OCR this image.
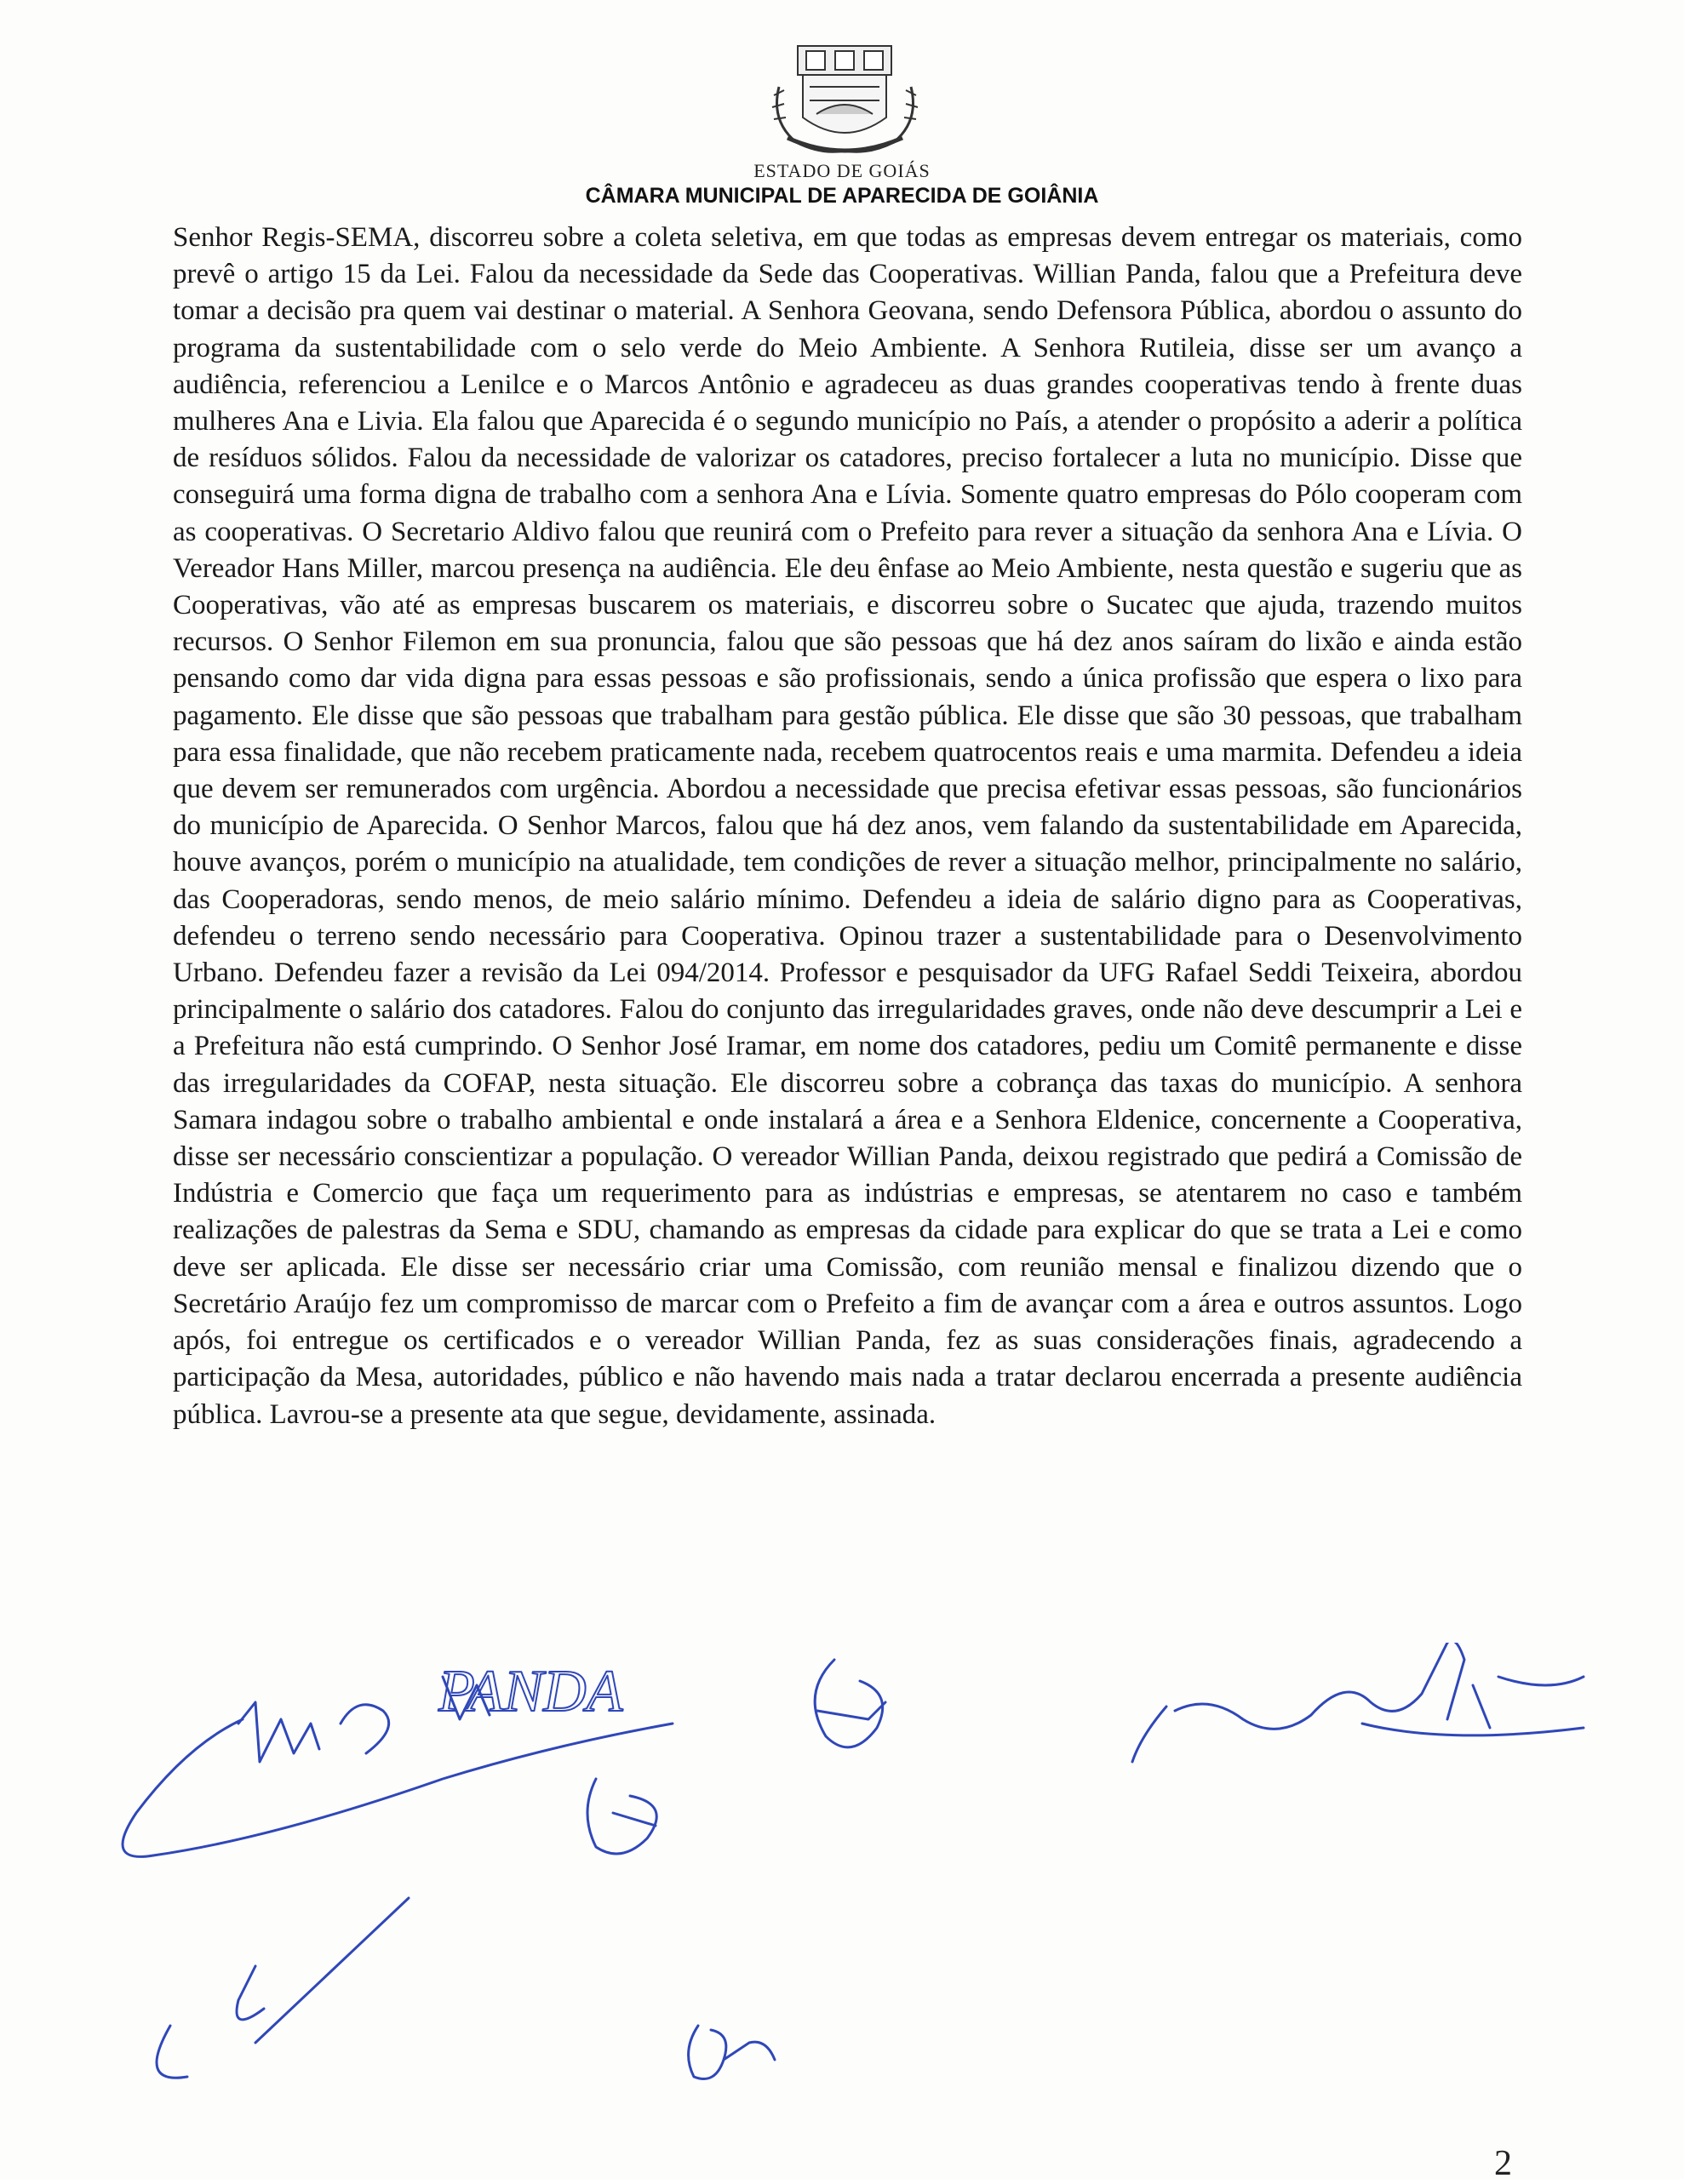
ESTADO DE GOIÁS
CÂMARA MUNICIPAL DE APARECIDA DE GOIÂNIA

Senhor Regis-SEMA, discorreu sobre a coleta seletiva, em que todas as empresas devem entregar os materiais, como prevê o artigo 15 da Lei. Falou da necessidade da Sede das Cooperativas. Willian Panda, falou que a Prefeitura deve tomar a decisão pra quem vai destinar o material. A Senhora Geovana, sendo Defensora Pública, abordou o assunto do programa da sustentabilidade com o selo verde do Meio Ambiente. A Senhora Rutileia, disse ser um avanço a audiência, referenciou a Lenilce e o Marcos Antônio e agradeceu as duas grandes cooperativas tendo à frente duas mulheres Ana e Livia. Ela falou que Aparecida é o segundo município no País, a atender o propósito a aderir a política de resíduos sólidos. Falou da necessidade de valorizar os catadores, preciso fortalecer a luta no município. Disse que conseguirá uma forma digna de trabalho com a senhora Ana e Lívia. Somente quatro empresas do Pólo cooperam com as cooperativas. O Secretario Aldivo falou que reunirá com o Prefeito para rever a situação da senhora Ana e Lívia. O Vereador Hans Miller, marcou presença na audiência. Ele deu ênfase ao Meio Ambiente, nesta questão e sugeriu que as Cooperativas, vão até as empresas buscarem os materiais, e discorreu sobre o Sucatec que ajuda, trazendo muitos recursos. O Senhor Filemon em sua pronuncia, falou que são pessoas que há dez anos saíram do lixão e ainda estão pensando como dar vida digna para essas pessoas e são profissionais, sendo a única profissão que espera o lixo para pagamento. Ele disse que são pessoas que trabalham para gestão pública. Ele disse que são 30 pessoas, que trabalham para essa finalidade, que não recebem praticamente nada, recebem quatrocentos reais e uma marmita. Defendeu a ideia que devem ser remunerados com urgência. Abordou a necessidade que precisa efetivar essas pessoas, são funcionários do município de Aparecida. O Senhor Marcos, falou que há dez anos, vem falando da sustentabilidade em Aparecida, houve avanços, porém o município na atualidade, tem condições de rever a situação melhor, principalmente no salário, das Cooperadoras, sendo menos, de meio salário mínimo. Defendeu a ideia de salário digno para as Cooperativas, defendeu o terreno sendo necessário para Cooperativa. Opinou trazer a sustentabilidade para o Desenvolvimento Urbano. Defendeu fazer a revisão da Lei 094/2014. Professor e pesquisador da UFG Rafael Seddi Teixeira, abordou principalmente o salário dos catadores. Falou do conjunto das irregularidades graves, onde não deve descumprir a Lei e a Prefeitura não está cumprindo. O Senhor José Iramar, em nome dos catadores, pediu um Comitê permanente e disse das irregularidades da COFAP, nesta situação. Ele discorreu sobre a cobrança das taxas do município. A senhora Samara indagou sobre o trabalho ambiental e onde instalará a área e a Senhora Eldenice, concernente a Cooperativa, disse ser necessário conscientizar a população. O vereador Willian Panda, deixou registrado que pedirá a Comissão de Indústria e Comercio que faça um requerimento para as indústrias e empresas, se atentarem no caso e também realizações de palestras da Sema e SDU, chamando as empresas da cidade para explicar do que se trata a Lei e como deve ser aplicada. Ele disse ser necessário criar uma Comissão, com reunião mensal e finalizou dizendo que o Secretário Araújo fez um compromisso de marcar com o Prefeito a fim de avançar com a área e outros assuntos. Logo após, foi entregue os certificados e o vereador Willian Panda, fez as suas considerações finais, agradecendo a participação da Mesa, autoridades, público e não havendo mais nada a tratar declarou encerrada a presente audiência pública. Lavrou-se a presente ata que segue, devidamente, assinada.

PANDA
2
